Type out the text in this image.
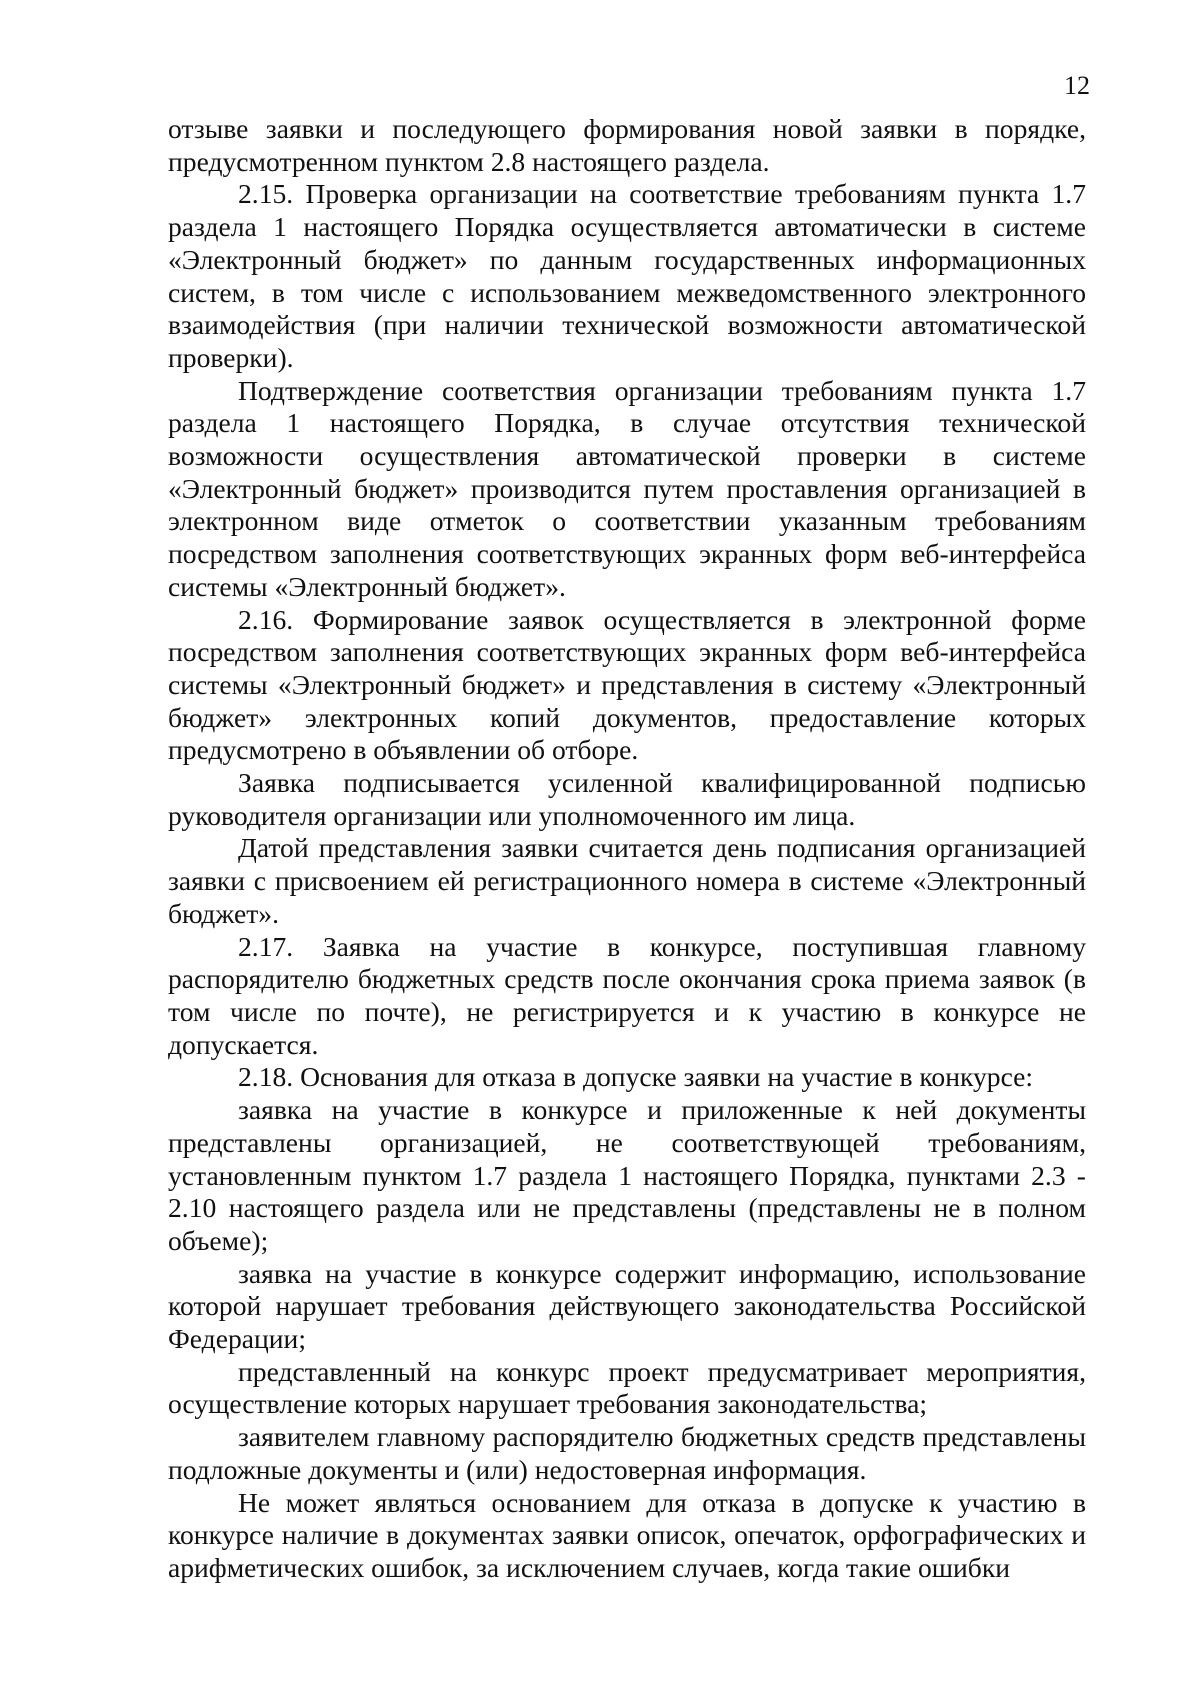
12

отзыве заявки и последующего формирования новой заявки в порядке, предусмотренном пунктом 2.8 настоящего раздела.

2.15. Проверка организации на соответствие требованиям пункта 1.7 раздела 1 настоящего Порядка осуществляется автоматически в системе «Электронный бюджет» по данным государственных информационных систем, в том числе с использованием межведомственного электронного взаимодействия (при наличии технической возможности автоматической проверки).

Подтверждение соответствия организации требованиям пункта 1.7 раздела 1 настоящего Порядка, в случае отсутствия технической возможности осуществления автоматической проверки в системе «Электронный бюджет» производится путем проставления организацией в электронном виде отметок о соответствии указанным требованиям посредством заполнения соответствующих экранных форм веб-интерфейса системы «Электронный бюджет».

2.16. Формирование заявок осуществляется в электронной форме посредством заполнения соответствующих экранных форм веб-интерфейса системы «Электронный бюджет» и представления в систему «Электронный бюджет» электронных копий документов, предоставление которых предусмотрено в объявлении об отборе.

Заявка подписывается усиленной квалифицированной подписью руководителя организации или уполномоченного им лица.

Датой представления заявки считается день подписания организацией заявки с присвоением ей регистрационного номера в системе «Электронный бюджет».

2.17. Заявка на участие в конкурсе, поступившая главному распорядителю бюджетных средств после окончания срока приема заявок (в том числе по почте), не регистрируется и к участию в конкурсе не допускается.

2.18. Основания для отказа в допуске заявки на участие в конкурсе:

заявка на участие в конкурсе и приложенные к ней документы представлены организацией, не соответствующей требованиям, установленным пунктом 1.7 раздела 1 настоящего Порядка, пунктами 2.3 - 2.10 настоящего раздела или не представлены (представлены не в полном объеме);

заявка на участие в конкурсе содержит информацию, использование которой нарушает требования действующего законодательства Российской Федерации;

представленный на конкурс проект предусматривает мероприятия, осуществление которых нарушает требования законодательства;

заявителем главному распорядителю бюджетных средств представлены подложные документы и (или) недостоверная информация.

Не может являться основанием для отказа в допуске к участию в конкурсе наличие в документах заявки описок, опечаток, орфографических и арифметических ошибок, за исключением случаев, когда такие ошибки
